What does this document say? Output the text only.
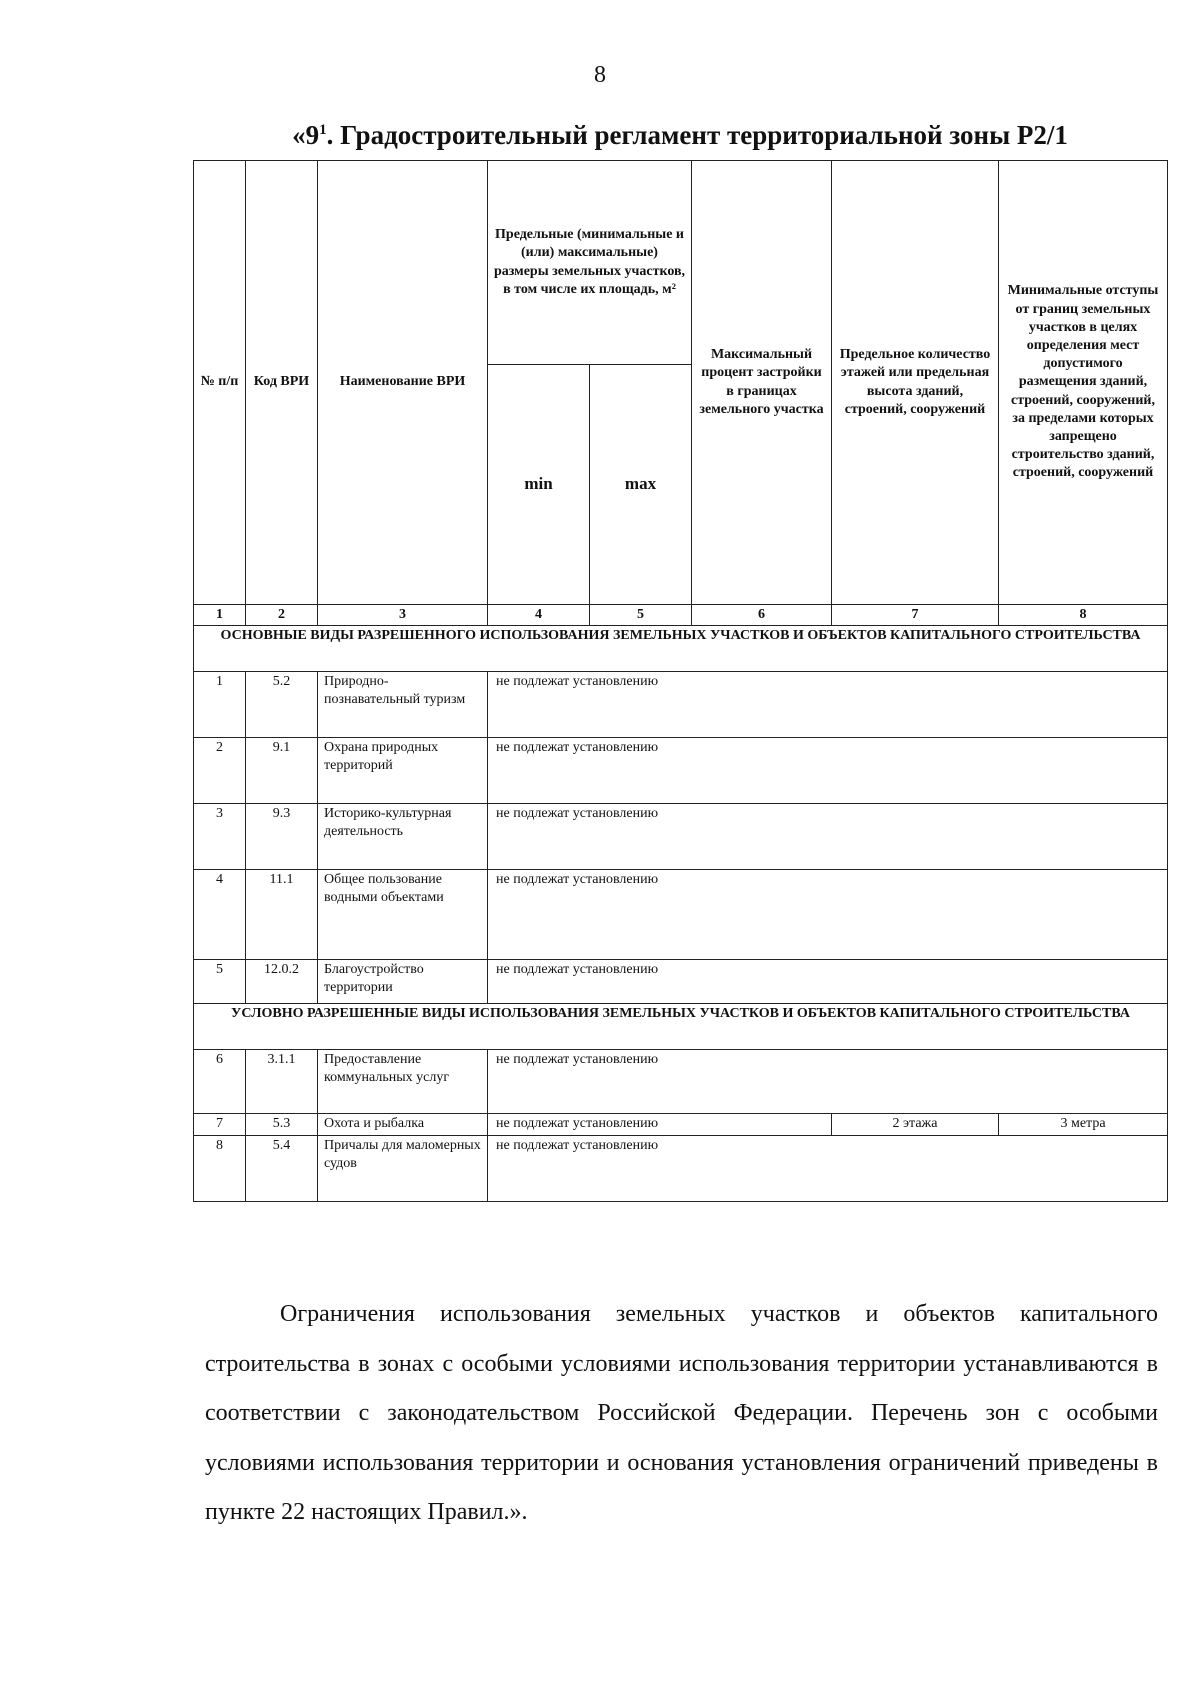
8
«$9^1$. Градостроительный регламент территориальной зоны Р2/1
№ п/п	Код ВРИ	Наименование ВРИ	Предельные (минимальные и (или) максимальные) размеры земельных участков, в том числе их площадь, м²		Максимальный процент застройки в границах земельного участка	Предельное количество этажей или предельная высота зданий, строений, сооружений	Минимальные отступы от границ земельных участков в целях определения мест допустимого размещения зданий, строений, сооружений, за пределами которых запрещено строительство зданий, строений, сооружений
			min	max			
1	2	3	4	5	6	7	8
ОСНОВНЫЕ ВИДЫ РАЗРЕШЕННОГО ИСПОЛЬЗОВАНИЯ ЗЕМЕЛЬНЫХ УЧАСТКОВ И ОБЪЕКТОВ КАПИТАЛЬНОГО СТРОИТЕЛЬСТВА							
1	5.2	Природно-познавательный туризм	не подлежат установлению				
2	9.1	Охрана природных территорий	не подлежат установлению				
3	9.3	Историко-культурная деятельность	не подлежат установлению				
4	11.1	Общее пользование водными объектами	не подлежат установлению				
5	12.0.2	Благоустройство территории	не подлежат установлению				
УСЛОВНО РАЗРЕШЕННЫЕ ВИДЫ ИСПОЛЬЗОВАНИЯ ЗЕМЕЛЬНЫХ УЧАСТКОВ И ОБЪЕКТОВ КАПИТАЛЬНОГО СТРОИТЕЛЬСТВА							
6	3.1.1	Предоставление коммунальных услуг	не подлежат установлению				
7	5.3	Охота и рыбалка	не подлежат установлению			2 этажа	3 метра
8	5.4	Причалы для маломерных судов	не подлежат установлению				

Ограничения использования земельных участков и объектов капитального строительства в зонах с особыми условиями использования территории устанавливаются в соответствии с законодательством Российской Федерации. Перечень зон с особыми условиями использования территории и основания установления ограничений приведены в пункте 22 настоящих Правил.».
